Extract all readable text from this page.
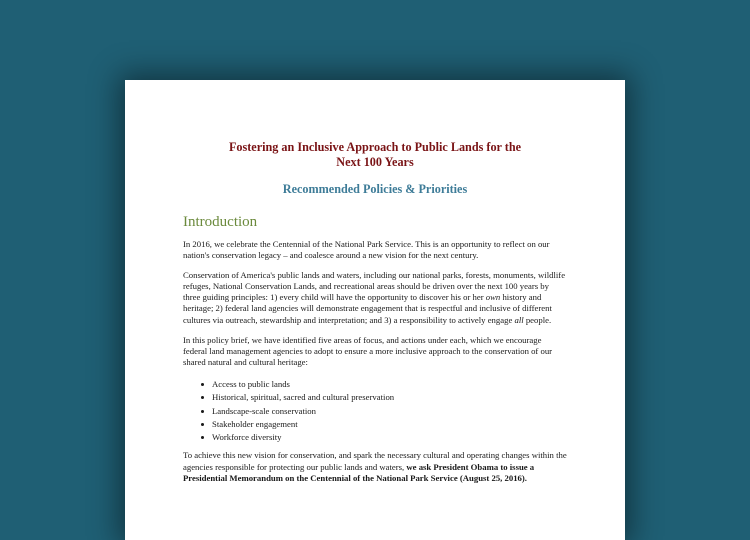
Fostering an Inclusive Approach to Public Lands for the
Next 100 Years
Recommended Policies & Priorities
Introduction

In 2016, we celebrate the Centennial of the National Park Service. This is an opportunity to reflect on our nation's conservation legacy – and coalesce around a new vision for the next century.

Conservation of America's public lands and waters, including our national parks, forests, monuments, wildlife refuges, National Conservation Lands, and recreational areas should be driven over the next 100 years by three guiding principles: 1) every child will have the opportunity to discover his or her own history and heritage; 2) federal land agencies will demonstrate engagement that is respectful and inclusive of different cultures via outreach, stewardship and interpretation; and 3) a responsibility to actively engage all people.

In this policy brief, we have identified five areas of focus, and actions under each, which we encourage federal land management agencies to adopt to ensure a more inclusive approach to the conservation of our shared natural and cultural heritage:

Access to public lands
Historical, spiritual, sacred and cultural preservation
Landscape-scale conservation
Stakeholder engagement
Workforce diversity

To achieve this new vision for conservation, and spark the necessary cultural and operating changes within the agencies responsible for protecting our public lands and waters, we ask President Obama to issue a Presidential Memorandum on the Centennial of the National Park Service (August 25, 2016).
